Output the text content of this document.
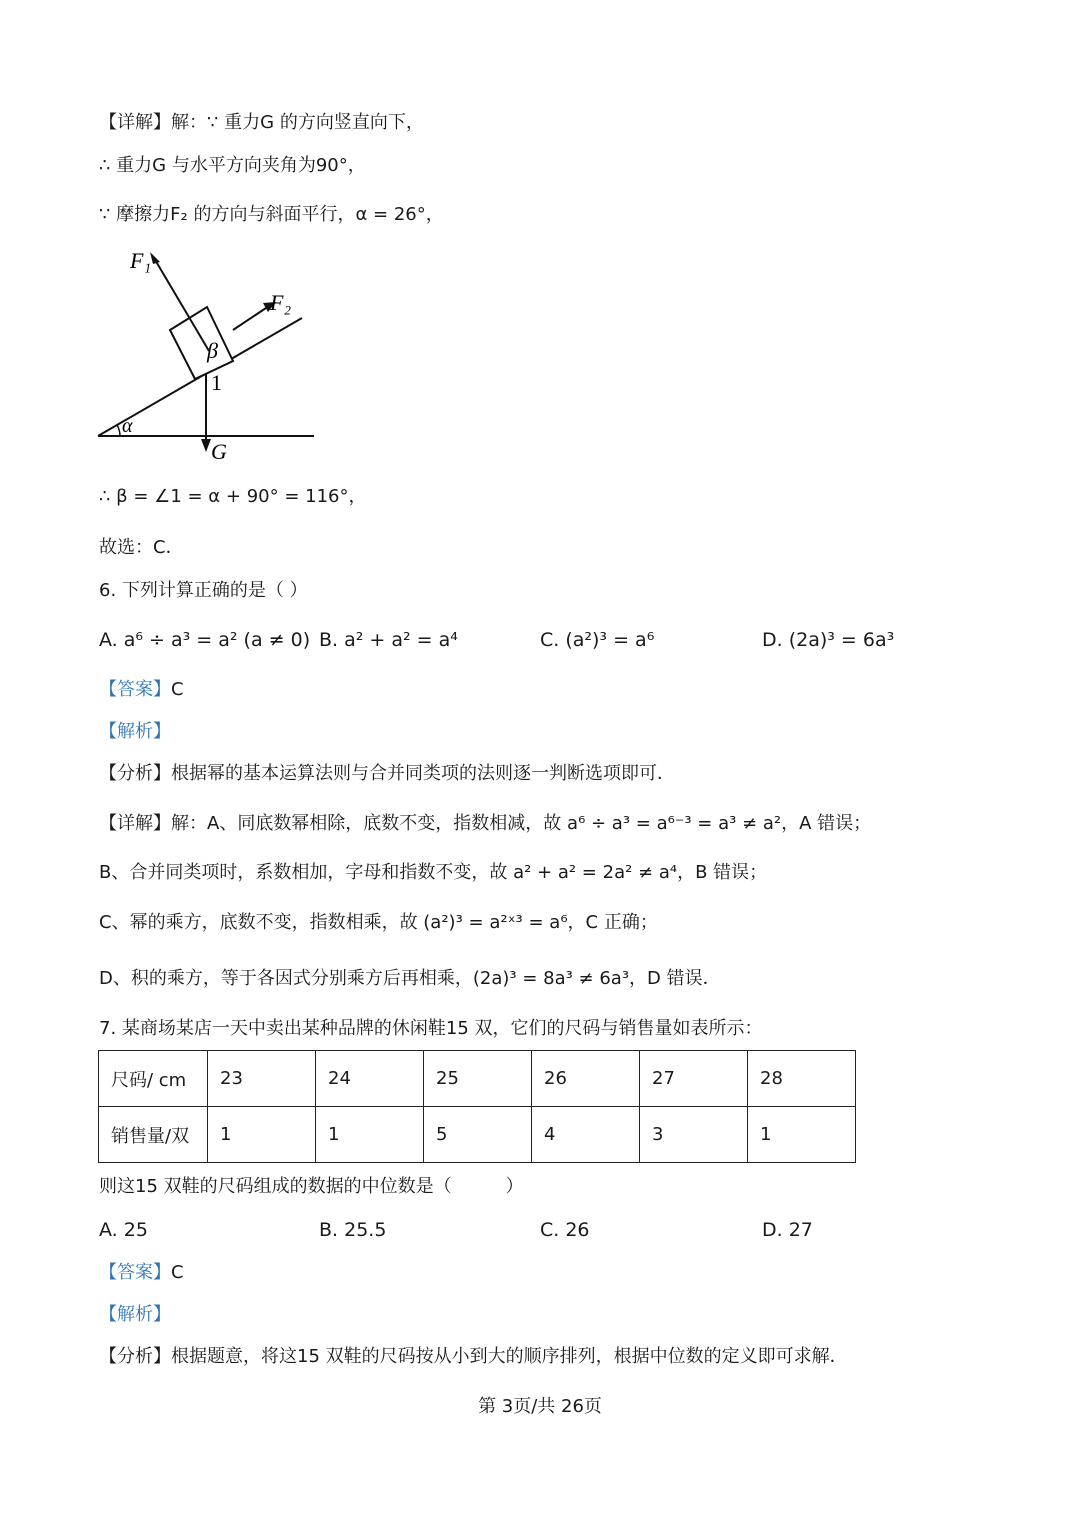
【详解】解：∵ 重力G 的方向竖直向下，
∴ 重力G 与水平方向夹角为90°，
∵ 摩擦力F₂ 的方向与斜面平行，α = 26°，
F₁
F₂
β
1
α
G
∴ β = ∠1 = α + 90° = 116°，
故选：C．
6. 下列计算正确的是（ ）
A. a⁶ ÷ a³ = a² (a ≠ 0) B. a² + a² = a⁴	C. (a²)³ = a⁶	D. (2a)³ = 6a³
【答案】C
【解析】
【分析】根据幂的基本运算法则与合并同类项的法则逐一判断选项即可．
【详解】解：A、同底数幂相除，底数不变，指数相减，故 a⁶ ÷ a³ = a⁶⁻³ = a³ ≠ a²，A 错误；
B、合并同类项时，系数相加，字母和指数不变，故 a² + a² = 2a² ≠ a⁴，B 错误；
C、幂的乘方，底数不变，指数相乘，故 (a²)³ = a²ˣ³ = a⁶，C 正确；
D、积的乘方，等于各因式分别乘方后再相乘，(2a)³ = 8a³ ≠ 6a³，D 错误．
7. 某商场某店一天中卖出某种品牌的休闲鞋15 双，它们的尺码与销售量如表所示：
尺码/ cm	23	24	25	26	27	28
销售量/双	1	1	5	4	3	1
则这15 双鞋的尺码组成的数据的中位数是（　　　）
A. 25	B. 25.5	C. 26	D. 27
【答案】C
【解析】
【分析】根据题意，将这15 双鞋的尺码按从小到大的顺序排列，根据中位数的定义即可求解．
第 3页/共 26页
